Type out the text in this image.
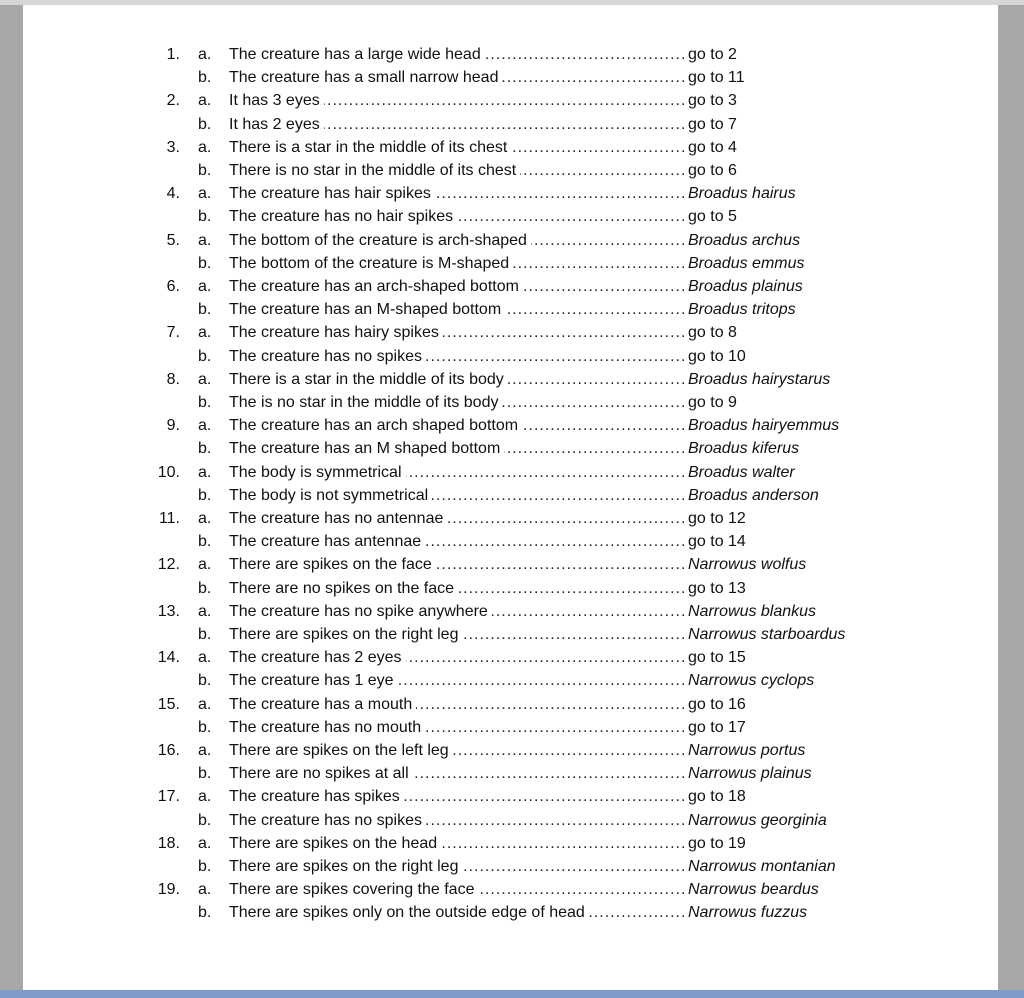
1. a.	The creature has a large wide head .....	go to 2
b.	The creature has a small narrow head .....	go to 11
2. a.	It has 3 eyes .....	go to 3
b.	It has 2 eyes .....	go to 7
3. a.	There is a star in the middle of its chest .....	go to 4
b.	There is no star in the middle of its chest .....	go to 6
4. a.	The creature has hair spikes .....	Broadus hairus
b.	The creature has no hair spikes .....	go to 5
5. a.	The bottom of the creature is arch-shaped .....	Broadus archus
b.	The bottom of the creature is M-shaped .....	Broadus emmus
6. a.	The creature has an arch-shaped bottom .....	Broadus plainus
b.	The creature has an M-shaped bottom .....	Broadus tritops
7. a.	The creature has hairy spikes .....	go to 8
b.	The creature has no spikes .....	go to 10
8. a.	There is a star in the middle of its body .....	Broadus hairystarus
b.	The is no star in the middle of its body .....	go to 9
9. a.	The creature has an arch shaped bottom .....	Broadus hairyemmus
b.	The creature has an M shaped bottom .....	Broadus kiferus
10. a.	The body is symmetrical .....	Broadus walter
b.	The body is not symmetrical .....	Broadus anderson
11. a.	The creature has no antennae .....	go to 12
b.	The creature has antennae .....	go to 14
12. a.	There are spikes on the face .....	Narrowus wolfus
b.	There are no spikes on the face .....	go to 13
13. a.	The creature has no spike anywhere .....	Narrowus blankus
b.	There are spikes on the right leg .....	Narrowus starboardus
14. a.	The creature has 2 eyes .....	go to 15
b.	The creature has 1 eye .....	Narrowus cyclops
15. a.	The creature has a mouth .....	go to 16
b.	The creature has no mouth .....	go to 17
16. a.	There are spikes on the left leg .....	Narrowus portus
b.	There are no spikes at all .....	Narrowus plainus
17. a.	The creature has spikes .....	go to 18
b.	The creature has no spikes .....	Narrowus georginia
18. a.	There are spikes on the head .....	go to 19
b.	There are spikes on the right leg .....	Narrowus montanian
19. a.	There are spikes covering the face .....	Narrowus beardus
b.	There are spikes only on the outside edge of head .....	Narrowus fuzzus
